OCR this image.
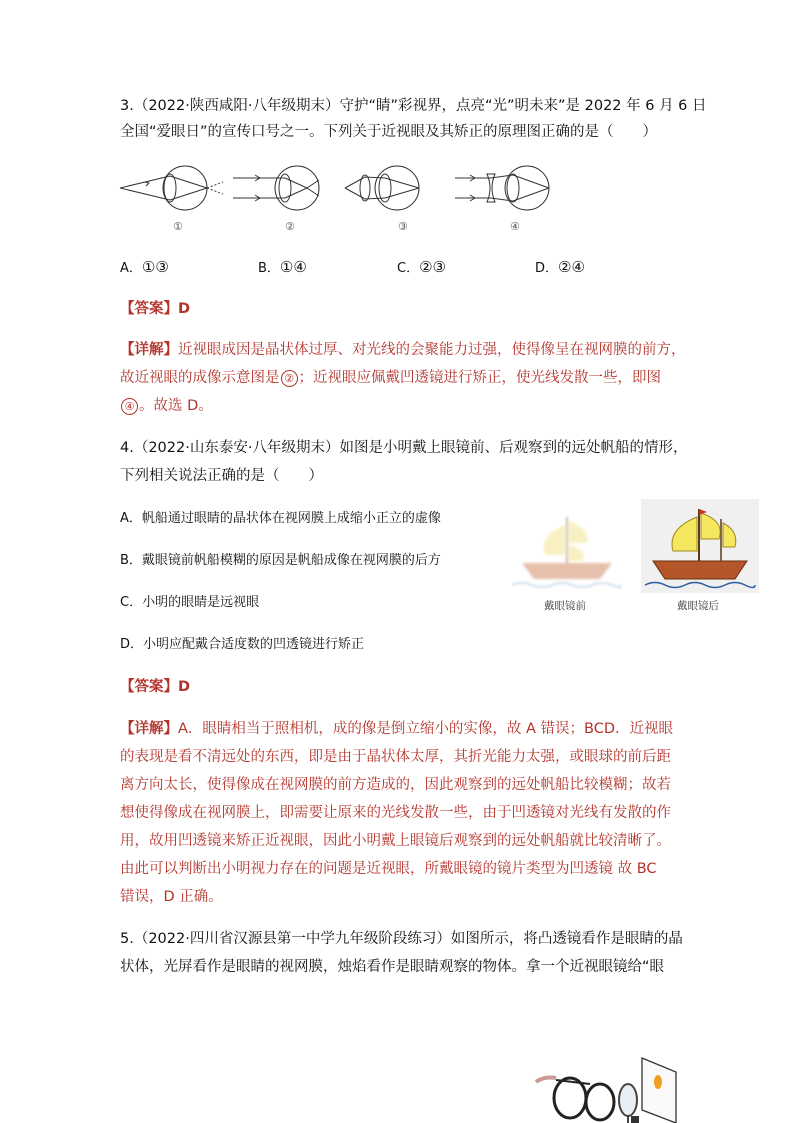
3.（2022·陕西咸阳·八年级期末）守护“睛”彩视界，点亮“光”明未来”是 2022 年 6 月 6 日
全国“爱眼日”的宣传口号之一。下列关于近视眼及其矫正的原理图正确的是（　　）
①	②	③	④
A．①③	B．①④	C．②③	D．②④
【答案】D
【详解】近视眼成因是晶状体过厚、对光线的会聚能力过强，使得像呈在视网膜的前方，
故近视眼的成像示意图是 ② ；近视眼应佩戴凹透镜进行矫正，使光线发散一些，即图
④ 。故选 D。
4.（2022·山东泰安·八年级期末）如图是小明戴上眼镜前、后观察到的远处帆船的情形，
下列相关说法正确的是（　　）
A．帆船通过眼睛的晶状体在视网膜上成缩小正立的虚像
B．戴眼镜前帆船模糊的原因是帆船成像在视网膜的后方
C．小明的眼睛是远视眼
D．小明应配戴合适度数的凹透镜进行矫正
戴眼镜前	戴眼镜后
【答案】D
【详解】A．眼睛相当于照相机，成的像是倒立缩小的实像，故 A 错误；BCD．近视眼
的表现是看不清远处的东西，即是由于晶状体太厚，其折光能力太强，或眼球的前后距
离方向太长，使得像成在视网膜的前方造成的，因此观察到的远处帆船比较模糊；故若
想使得像成在视网膜上，即需要让原来的光线发散一些，由于凹透镜对光线有发散的作
用，故用凹透镜来矫正近视眼，因此小明戴上眼镜后观察到的远处帆船就比较清晰了。
由此可以判断出小明视力存在的问题是近视眼，所戴眼镜的镜片类型为凹透镜 故 BC
错误，D 正确。
5.（2022·四川省汉源县第一中学九年级阶段练习）如图所示，将凸透镜看作是眼睛的晶
状体，光屏看作是眼睛的视网膜，烛焰看作是眼睛观察的物体。拿一个近视眼镜给“眼
